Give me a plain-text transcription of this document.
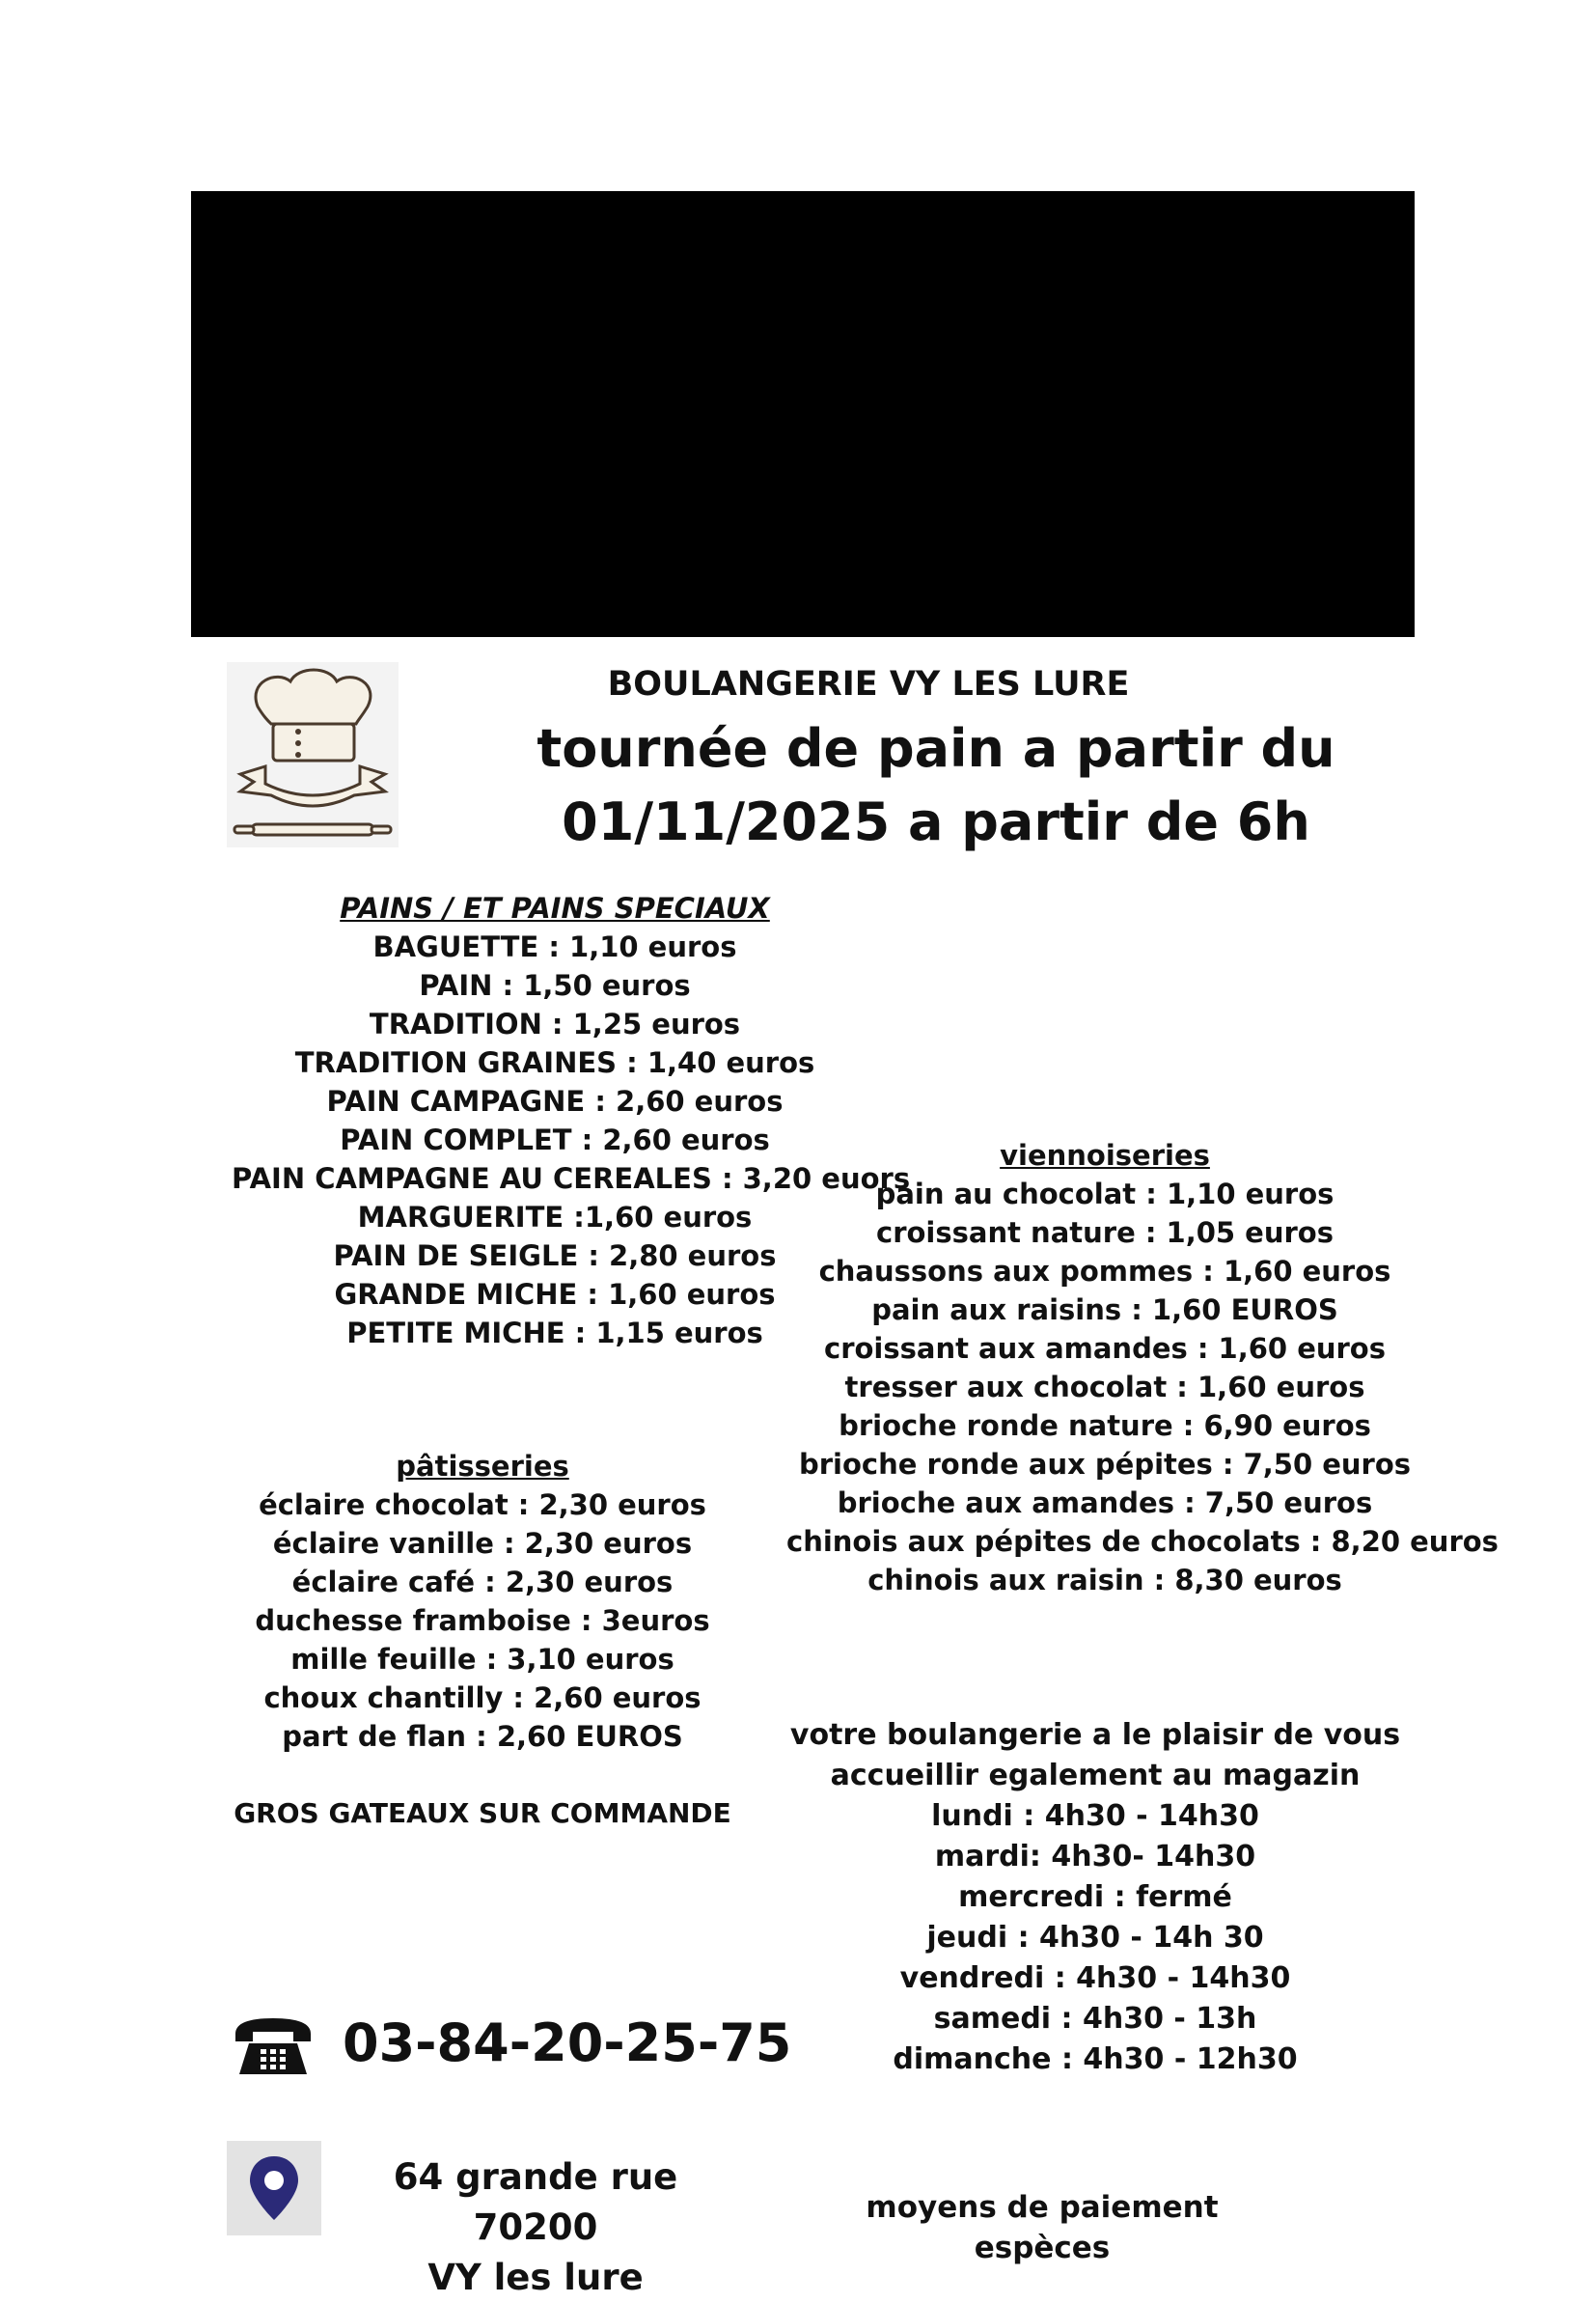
BOULANGERIE VY LES LURE
tournée de pain a partir du
01/11/2025 a partir de 6h
PAINS / ET PAINS SPECIAUX
BAGUETTE : 1,10 euros
PAIN : 1,50 euros
TRADITION : 1,25 euros
TRADITION GRAINES : 1,40 euros
PAIN CAMPAGNE : 2,60 euros
PAIN COMPLET : 2,60 euros
PAIN CAMPAGNE AU CEREALES : 3,20 euors
MARGUERITE :1,60 euros
PAIN DE SEIGLE : 2,80 euros
GRANDE MICHE : 1,60 euros
PETITE MICHE : 1,15 euros
viennoiseries
pain au chocolat : 1,10 euros
croissant nature : 1,05 euros
chaussons aux pommes : 1,60 euros
pain aux raisins : 1,60 EUROS
croissant aux amandes : 1,60 euros
tresser aux chocolat : 1,60 euros
brioche ronde nature : 6,90 euros
brioche ronde aux pépites : 7,50 euros
brioche aux amandes : 7,50 euros
chinois aux pépites de chocolats : 8,20 euros
chinois aux raisin : 8,30 euros
pâtisseries
éclaire chocolat : 2,30 euros
éclaire vanille : 2,30 euros
éclaire café : 2,30 euros
duchesse framboise : 3euros
mille feuille : 3,10 euros
choux chantilly : 2,60 euros
part de flan : 2,60 EUROS
GROS GATEAUX SUR COMMANDE
votre boulangerie a le plaisir de vous
accueillir egalement au magazin
lundi : 4h30 - 14h30
mardi: 4h30- 14h30
mercredi : fermé
jeudi : 4h30 - 14h 30
vendredi : 4h30 - 14h30
samedi : 4h30 - 13h
dimanche : 4h30 - 12h30
03-84-20-25-75
64 grande rue 70200
VY les lure
moyens de paiement
espèces
